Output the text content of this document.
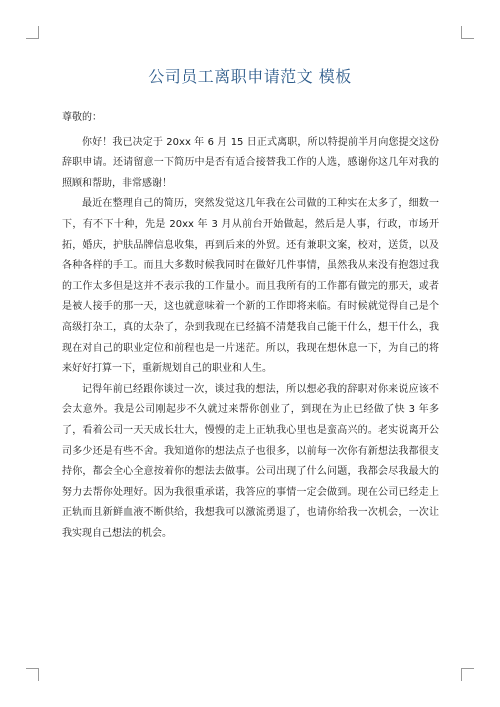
公司员工离职申请范文 模板

尊敬的：

你好！我已决定于 20xx 年 6 月 15 日正式离职，所以特提前半月向您提交这份辞职申请。还请留意一下简历中是否有适合接替我工作的人选，感谢你这几年对我的照顾和帮助，非常感谢！

最近在整理自己的简历，突然发觉这几年我在公司做的工种实在太多了，细数一下，有不下十种，先是 20xx 年 3 月从前台开始做起，然后是人事，行政，市场开拓，婚庆，护肤品牌信息收集，再到后来的外贸。还有兼职文案，校对，送货，以及各种各样的手工。而且大多数时候我同时在做好几件事情，虽然我从来没有抱怨过我的工作太多但是这并不表示我的工作量小。而且我所有的工作都有做完的那天，或者是被人接手的那一天，这也就意味着一个新的工作即将来临。有时候就觉得自己是个高级打杂工，真的太杂了，杂到我现在已经搞不清楚我自己能干什么，想干什么，我现在对自己的职业定位和前程也是一片迷茫。所以，我现在想休息一下，为自己的将来好好打算一下，重新规划自己的职业和人生。

记得年前已经跟你谈过一次，谈过我的想法，所以想必我的辞职对你来说应该不会太意外。我是公司刚起步不久就过来帮你创业了，到现在为止已经做了快 3 年多了，看着公司一天天成长壮大，慢慢的走上正轨我心里也是蛮高兴的。老实说离开公司多少还是有些不舍。我知道你的想法点子也很多，以前每一次你有新想法我都很支持你，都会全心全意按着你的想法去做事。公司出现了什么问题，我都会尽我最大的努力去帮你处理好。因为我很重承诺，我答应的事情一定会做到。现在公司已经走上正轨而且新鲜血液不断供给，我想我可以激流勇退了，也请你给我一次机会，一次让我实现自己想法的机会。
